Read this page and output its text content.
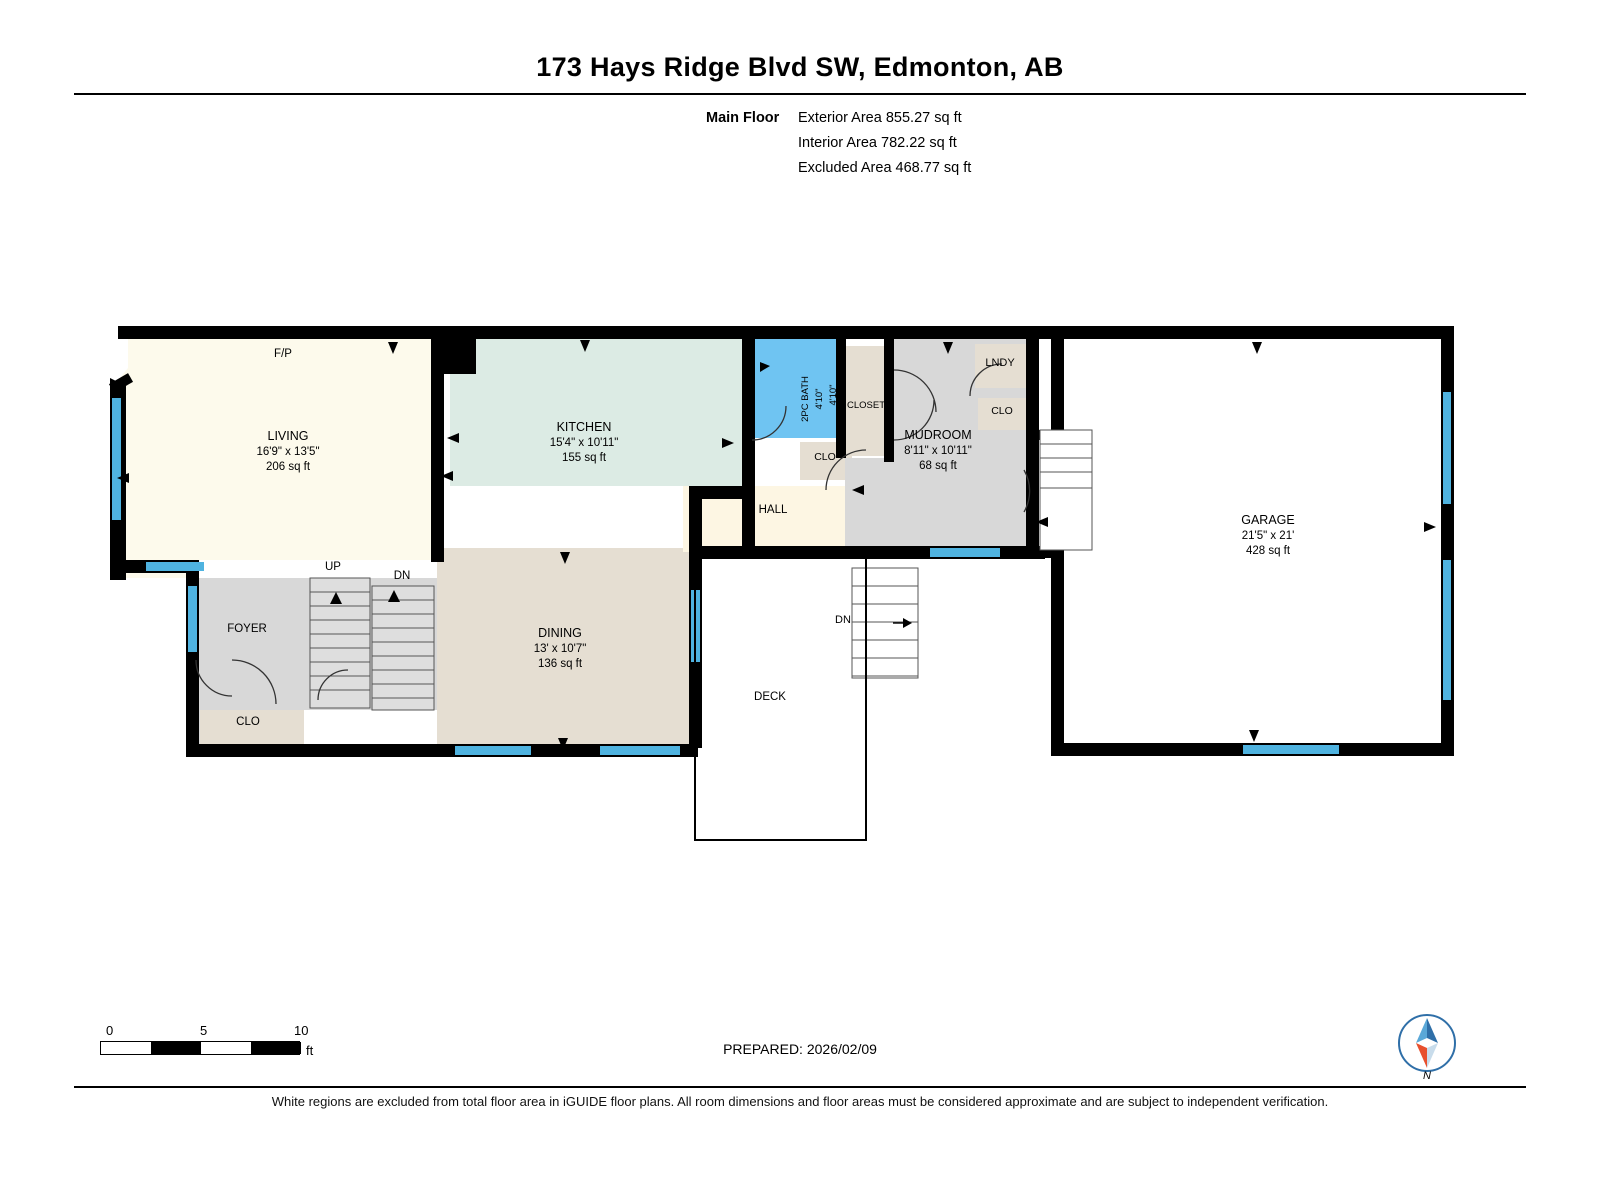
173 Hays Ridge Blvd SW, Edmonton, AB
Main Floor Exterior Area 855.27 sq ft
Interior Area 782.22 sq ft
Excluded Area 468.77 sq ft
LIVING
16'9" x 13'5"
206 sq ft
KITCHEN
15'4" x 10'11"
155 sq ft
DINING
13' x 10'7"
136 sq ft
MUDROOM
8'11" x 10'11"
68 sq ft
GARAGE
21'5" x 21'
428 sq ft
F/P
FOYER
CLO
UP
DN
HALL
CLO
CLOSET
LNDY
CLO
DECK
DN
2PC BATH 4'10" 4'10"
0	5	10
ft	PREPARED: 2026/02/09
N
White regions are excluded from total floor area in iGUIDE floor plans. All room dimensions and floor areas must be considered approximate and are subject to independent verification.
